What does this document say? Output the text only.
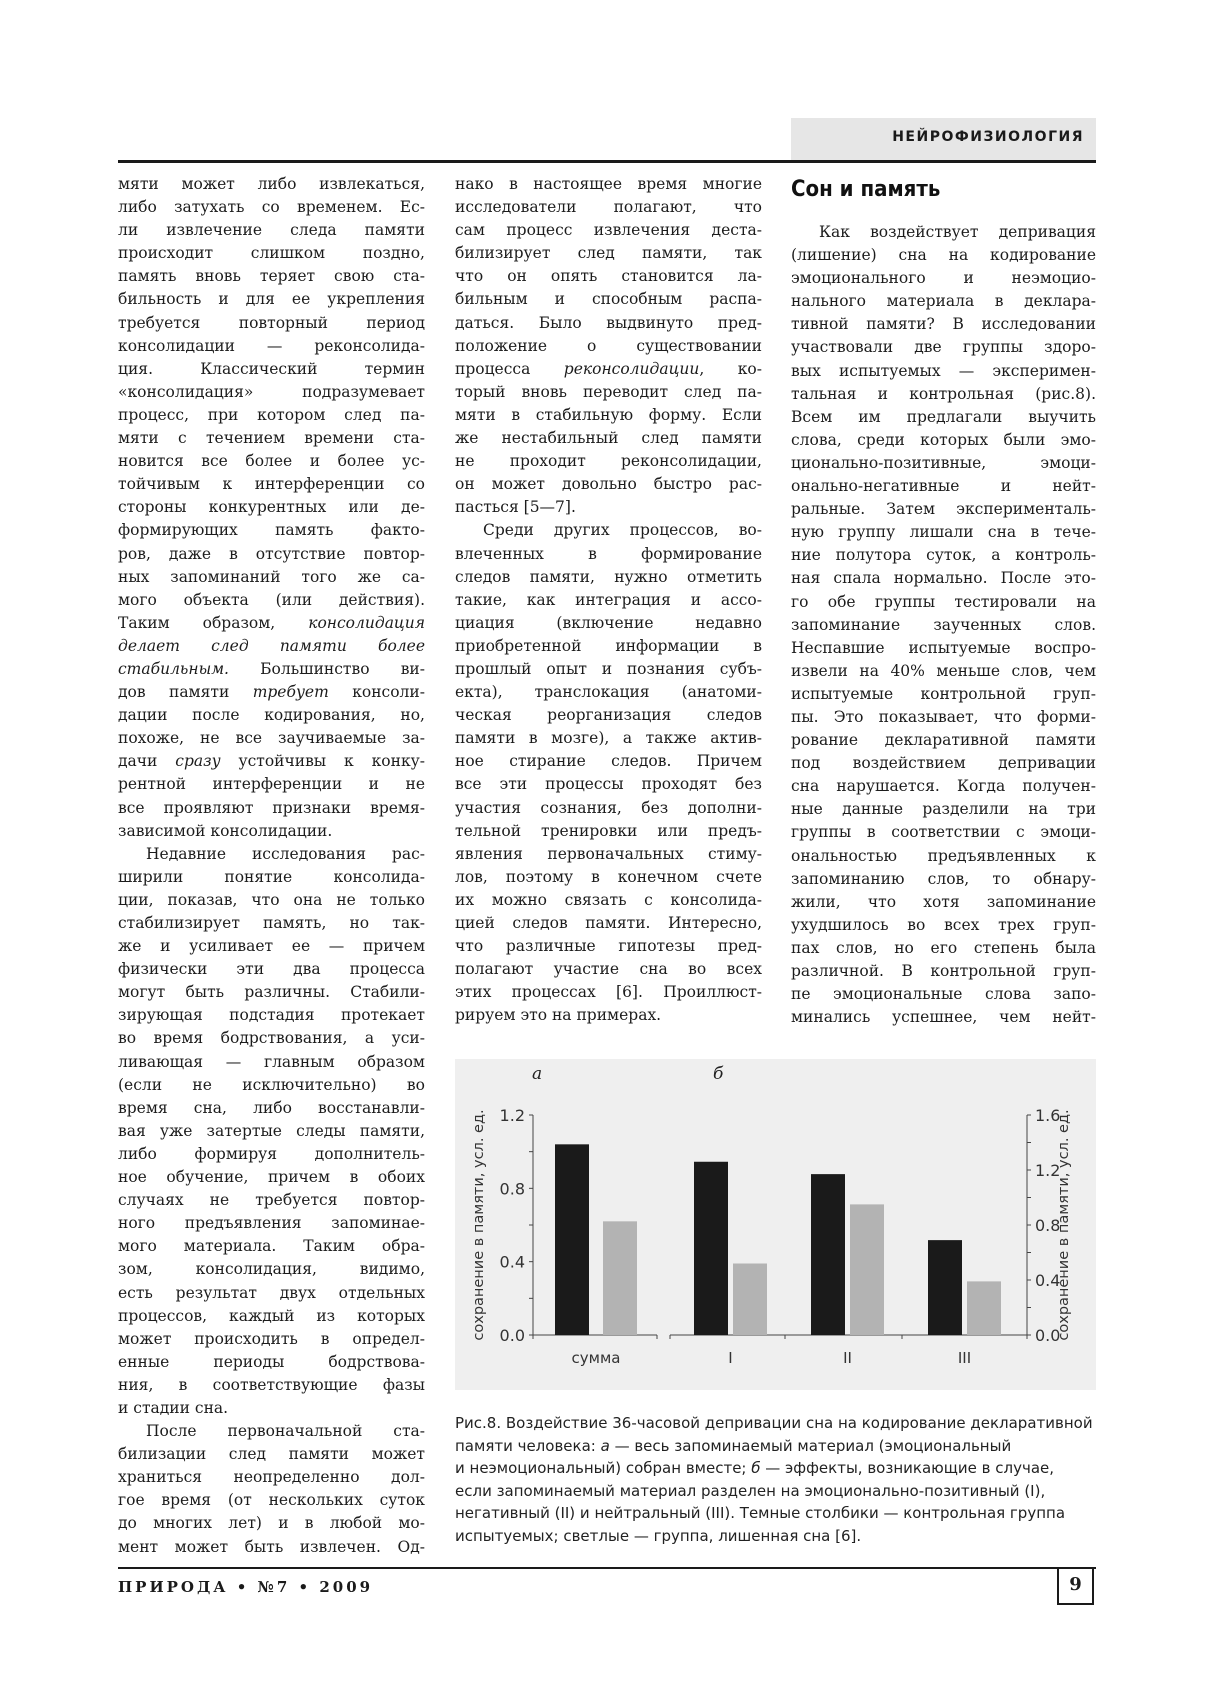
НЕЙРОФИЗИОЛОГИЯ
Сон и память
мяти может либо извлекаться,
либо затухать со временем. Ес-
ли извлечение следа памяти
происходит слишком поздно,
память вновь теряет свою ста-
бильность и для ее укрепления
требуется повторный период
консолидации — реконсолида-
ция. Классический термин
«консолидация» подразумевает
процесс, при котором след па-
мяти с течением времени ста-
новится все более и более ус-
тойчивым к интерференции со
стороны конкурентных или де-
формирующих память факто-
ров, даже в отсутствие повтор-
ных запоминаний того же са-
мого объекта (или действия).
Таким образом, консолидация
делает след памяти более
стабильным. Большинство ви-
дов памяти требует консоли-
дации после кодирования, но,
похоже, не все заучиваемые за-
дачи сразу устойчивы к конку-
рентной интерференции и не
все проявляют признаки время-
зависимой консолидации.
Недавние исследования рас-
ширили понятие консолида-
ции, показав, что она не только
стабилизирует память, но так-
же и усиливает ее — причем
физически эти два процесса
могут быть различны. Стабили-
зирующая подстадия протекает
во время бодрствования, а уси-
ливающая — главным образом
(если не исключительно) во
время сна, либо восстанавли-
вая уже затертые следы памяти,
либо формируя дополнитель-
ное обучение, причем в обоих
случаях не требуется повтор-
ного предъявления запоминае-
мого материала. Таким обра-
зом, консолидация, видимо,
есть результат двух отдельных
процессов, каждый из которых
может происходить в определ-
енные периоды бодрствова-
ния, в соответствующие фазы
и стадии сна.
После первоначальной ста-
билизации след памяти может
храниться неопределенно дол-
гое время (от нескольких суток
до многих лет) и в любой мо-
мент может быть извлечен. Од-
нако в настоящее время многие
исследователи полагают, что
сам процесс извлечения деста-
билизирует след памяти, так
что он опять становится ла-
бильным и способным распа-
даться. Было выдвинуто пред-
положение о существовании
процесса реконсолидации, ко-
торый вновь переводит след па-
мяти в стабильную форму. Если
же нестабильный след памяти
не проходит реконсолидации,
он может довольно быстро рас-
пасться [5—7].
Среди других процессов, во-
влеченных в формирование
следов памяти, нужно отметить
такие, как интеграция и ассо-
циация (включение недавно
приобретенной информации в
прошлый опыт и познания субъ-
екта), транслокация (анатоми-
ческая реорганизация следов
памяти в мозге), а также актив-
ное стирание следов. Причем
все эти процессы проходят без
участия сознания, без дополни-
тельной тренировки или предъ-
явления первоначальных стиму-
лов, поэтому в конечном счете
их можно связать с консолида-
цией следов памяти. Интересно,
что различные гипотезы пред-
полагают участие сна во всех
этих процессах [6]. Проиллюст-
рируем это на примерах.
Как воздействует депривация
(лишение) сна на кодирование
эмоционального и неэмоцио-
нального материала в деклара-
тивной памяти? В исследовании
участвовали две группы здоро-
вых испытуемых — эксперимен-
тальная и контрольная (рис.8).
Всем им предлагали выучить
слова, среди которых были эмо-
ционально-позитивные, эмоци-
онально-негативные и нейт-
ральные. Затем эксперименталь-
ную группу лишали сна в тече-
ние полутора суток, а контроль-
ная спала нормально. После это-
го обе группы тестировали на
запоминание заученных слов.
Неспавшие испытуемые воспро-
извели на 40% меньше слов, чем
испытуемые контрольной груп-
пы. Это показывает, что форми-
рование декларативной памяти
под воздействием депривации
сна нарушается. Когда получен-
ные данные разделили на три
группы в соответствии с эмоци-
ональностью предъявленных к
запоминанию слов, то обнару-
жили, что хотя запоминание
ухудшилось во всех трех груп-
пах слов, но его степень была
различной. В контрольной груп-
пе эмоциональные слова запо-
минались успешнее, чем нейт-
0.0
0.4
0.8
1.2
сохранение в памяти, усл. ед.
а
сумма
0.0
0.4
0.8
1.2
1.6
сохранение в памяти, усл. ед.
б
I	II	III
Рис.8. Воздействие 36-часовой депривации сна на кодирование декларативной
памяти человека: а — весь запоминаемый материал (эмоциональный
и неэмоциональный) собран вместе; б — эффекты, возникающие в случае,
если запоминаемый материал разделен на эмоционально-позитивный (I),
негативный (II) и нейтральный (III). Темные столбики — контрольная группа
испытуемых; светлые — группа, лишенная сна [6].
ПРИРОДА • №7 • 2009	9
